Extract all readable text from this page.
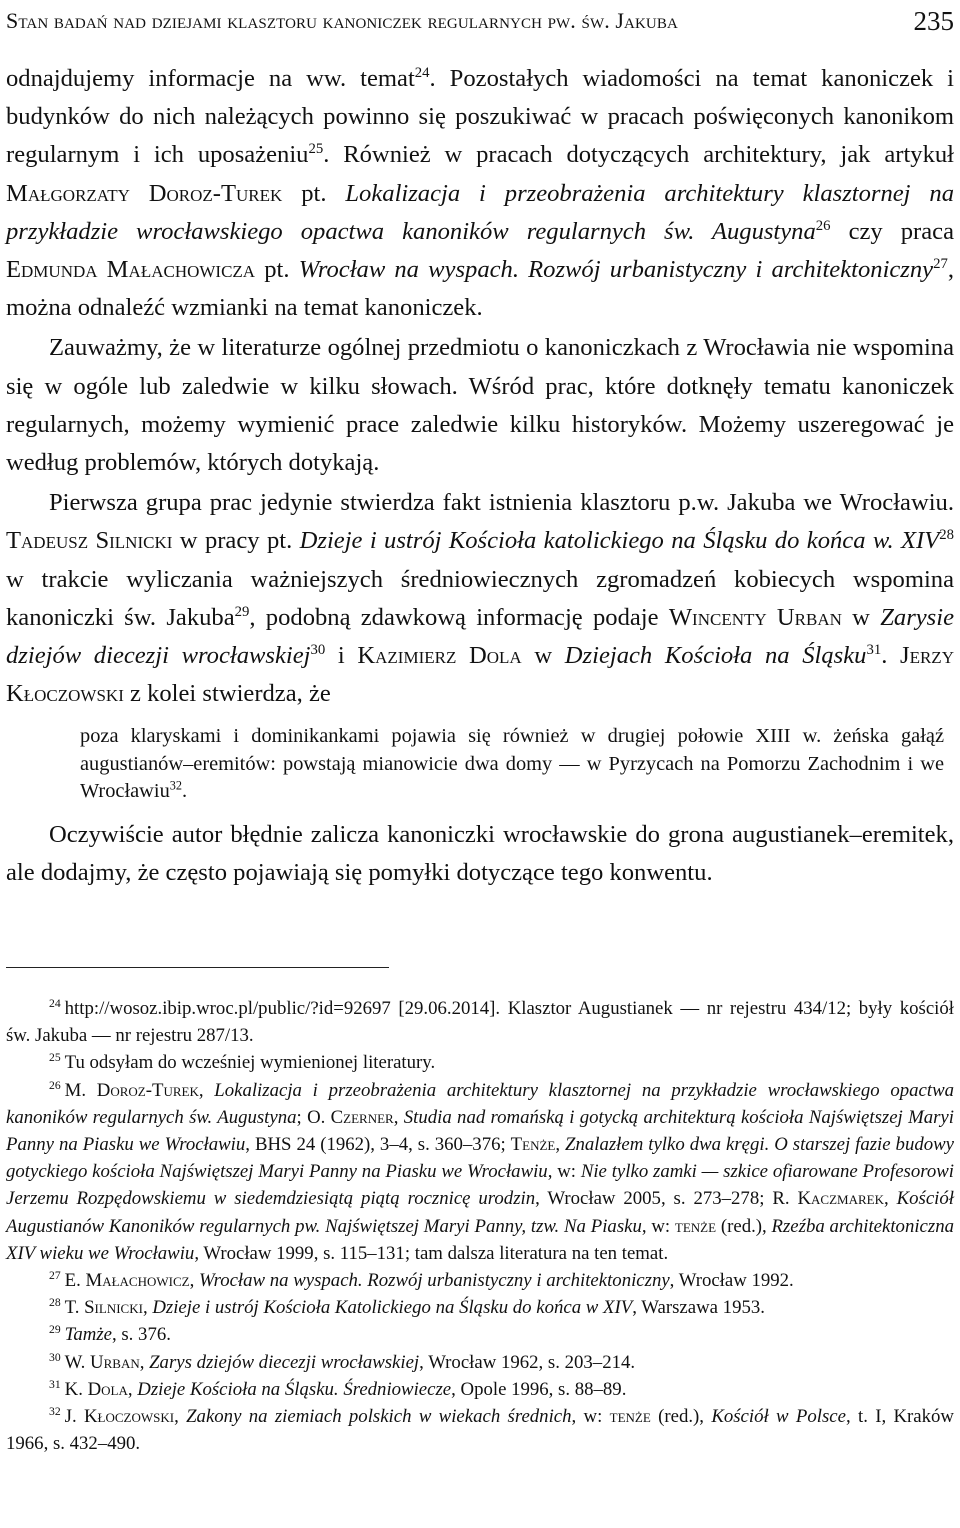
Stan badań nad dziejami klasztoru kanoniczek regularnych pw. św. Jakuba	235

odnajdujemy informacje na ww. temat$^{24}$. Pozostałych wiadomości na temat kanoniczek i budynków do nich należących powinno się poszukiwać w pracach poświęconych kanonikom regularnym i ich uposażeniu$^{25}$. Również w pracach dotyczących architektury, jak artykuł Małgorzaty Doroz-Turek pt. Lokalizacja i przeobrażenia architektury klasztornej na przykładzie wrocławskiego opactwa kanoników regularnych św. Augustyna$^{26}$ czy praca Edmunda Małachowicza pt. Wrocław na wyspach. Rozwój urbanistyczny i architektoniczny$^{27}$, można odnaleźć wzmianki na temat kanoniczek.

Zauważmy, że w literaturze ogólnej przedmiotu o kanoniczkach z Wrocławia nie wspomina się w ogóle lub zaledwie w kilku słowach. Wśród prac, które dotknęły tematu kanoniczek regularnych, możemy wymienić prace zaledwie kilku historyków. Możemy uszeregować je według problemów, których dotykają.

Pierwsza grupa prac jedynie stwierdza fakt istnienia klasztoru p.w. Jakuba we Wrocławiu. Tadeusz Silnicki w pracy pt. Dzieje i ustrój Kościoła katolickiego na Śląsku do końca w. XIV$^{28}$ w trakcie wyliczania ważniejszych średniowiecznych zgromadzeń kobiecych wspomina kanoniczki św. Jakuba$^{29}$, podobną zdawkową informację podaje Wincenty Urban w Zarysie dziejów diecezji wrocławskiej$^{30}$ i Kazimierz Dola w Dziejach Kościoła na Śląsku$^{31}$. Jerzy Kłoczowski z kolei stwierdza, że

poza klaryskami i dominikankami pojawia się również w drugiej połowie XIII w. żeńska gałąź augustianów–eremitów: powstają mianowicie dwa domy — w Pyrzycach na Pomorzu Zachodnim i we Wrocławiu$^{32}$.

Oczywiście autor błędnie zalicza kanoniczki wrocławskie do grona augustianek–eremitek, ale dodajmy, że często pojawiają się pomyłki dotyczące tego konwentu.

$^{24}$ http://wosoz.ibip.wroc.pl/public/?id=92697 [29.06.2014]. Klasztor Augustianek — nr rejestru 434/12; były kościół św. Jakuba — nr rejestru 287/13.

$^{25}$ Tu odsyłam do wcześniej wymienionej literatury.

$^{26}$ M. Doroz-Turek, Lokalizacja i przeobrażenia architektury klasztornej na przykładzie wrocławskiego opactwa kanoników regularnych św. Augustyna; O. Czerner, Studia nad romańską i gotycką architekturą kościoła Najświętszej Maryi Panny na Piasku we Wrocławiu, BHS 24 (1962), 3–4, s. 360–376; Tenże, Znalazłem tylko dwa kręgi. O starszej fazie budowy gotyckiego kościoła Najświętszej Maryi Panny na Piasku we Wrocławiu, w: Nie tylko zamki — szkice ofiarowane Profesorowi Jerzemu Rozpędowskiemu w siedemdziesiątą piątą rocznicę urodzin, Wrocław 2005, s. 273–278; R. Kaczmarek, Kościół Augustianów Kanoników regularnych pw. Najświętszej Maryi Panny, tzw. Na Piasku, w: tenże (red.), Rzeźba architektoniczna XIV wieku we Wrocławiu, Wrocław 1999, s. 115–131; tam dalsza literatura na ten temat.

$^{27}$ E. Małachowicz, Wrocław na wyspach. Rozwój urbanistyczny i architektoniczny, Wrocław 1992.

$^{28}$ T. Silnicki, Dzieje i ustrój Kościoła Katolickiego na Śląsku do końca w XIV, Warszawa 1953.

$^{29}$ Tamże, s. 376.

$^{30}$ W. Urban, Zarys dziejów diecezji wrocławskiej, Wrocław 1962, s. 203–214.

$^{31}$ K. Dola, Dzieje Kościoła na Śląsku. Średniowiecze, Opole 1996, s. 88–89.

$^{32}$ J. Kłoczowski, Zakony na ziemiach polskich w wiekach średnich, w: tenże (red.), Kościół w Polsce, t. I, Kraków 1966, s. 432–490.
